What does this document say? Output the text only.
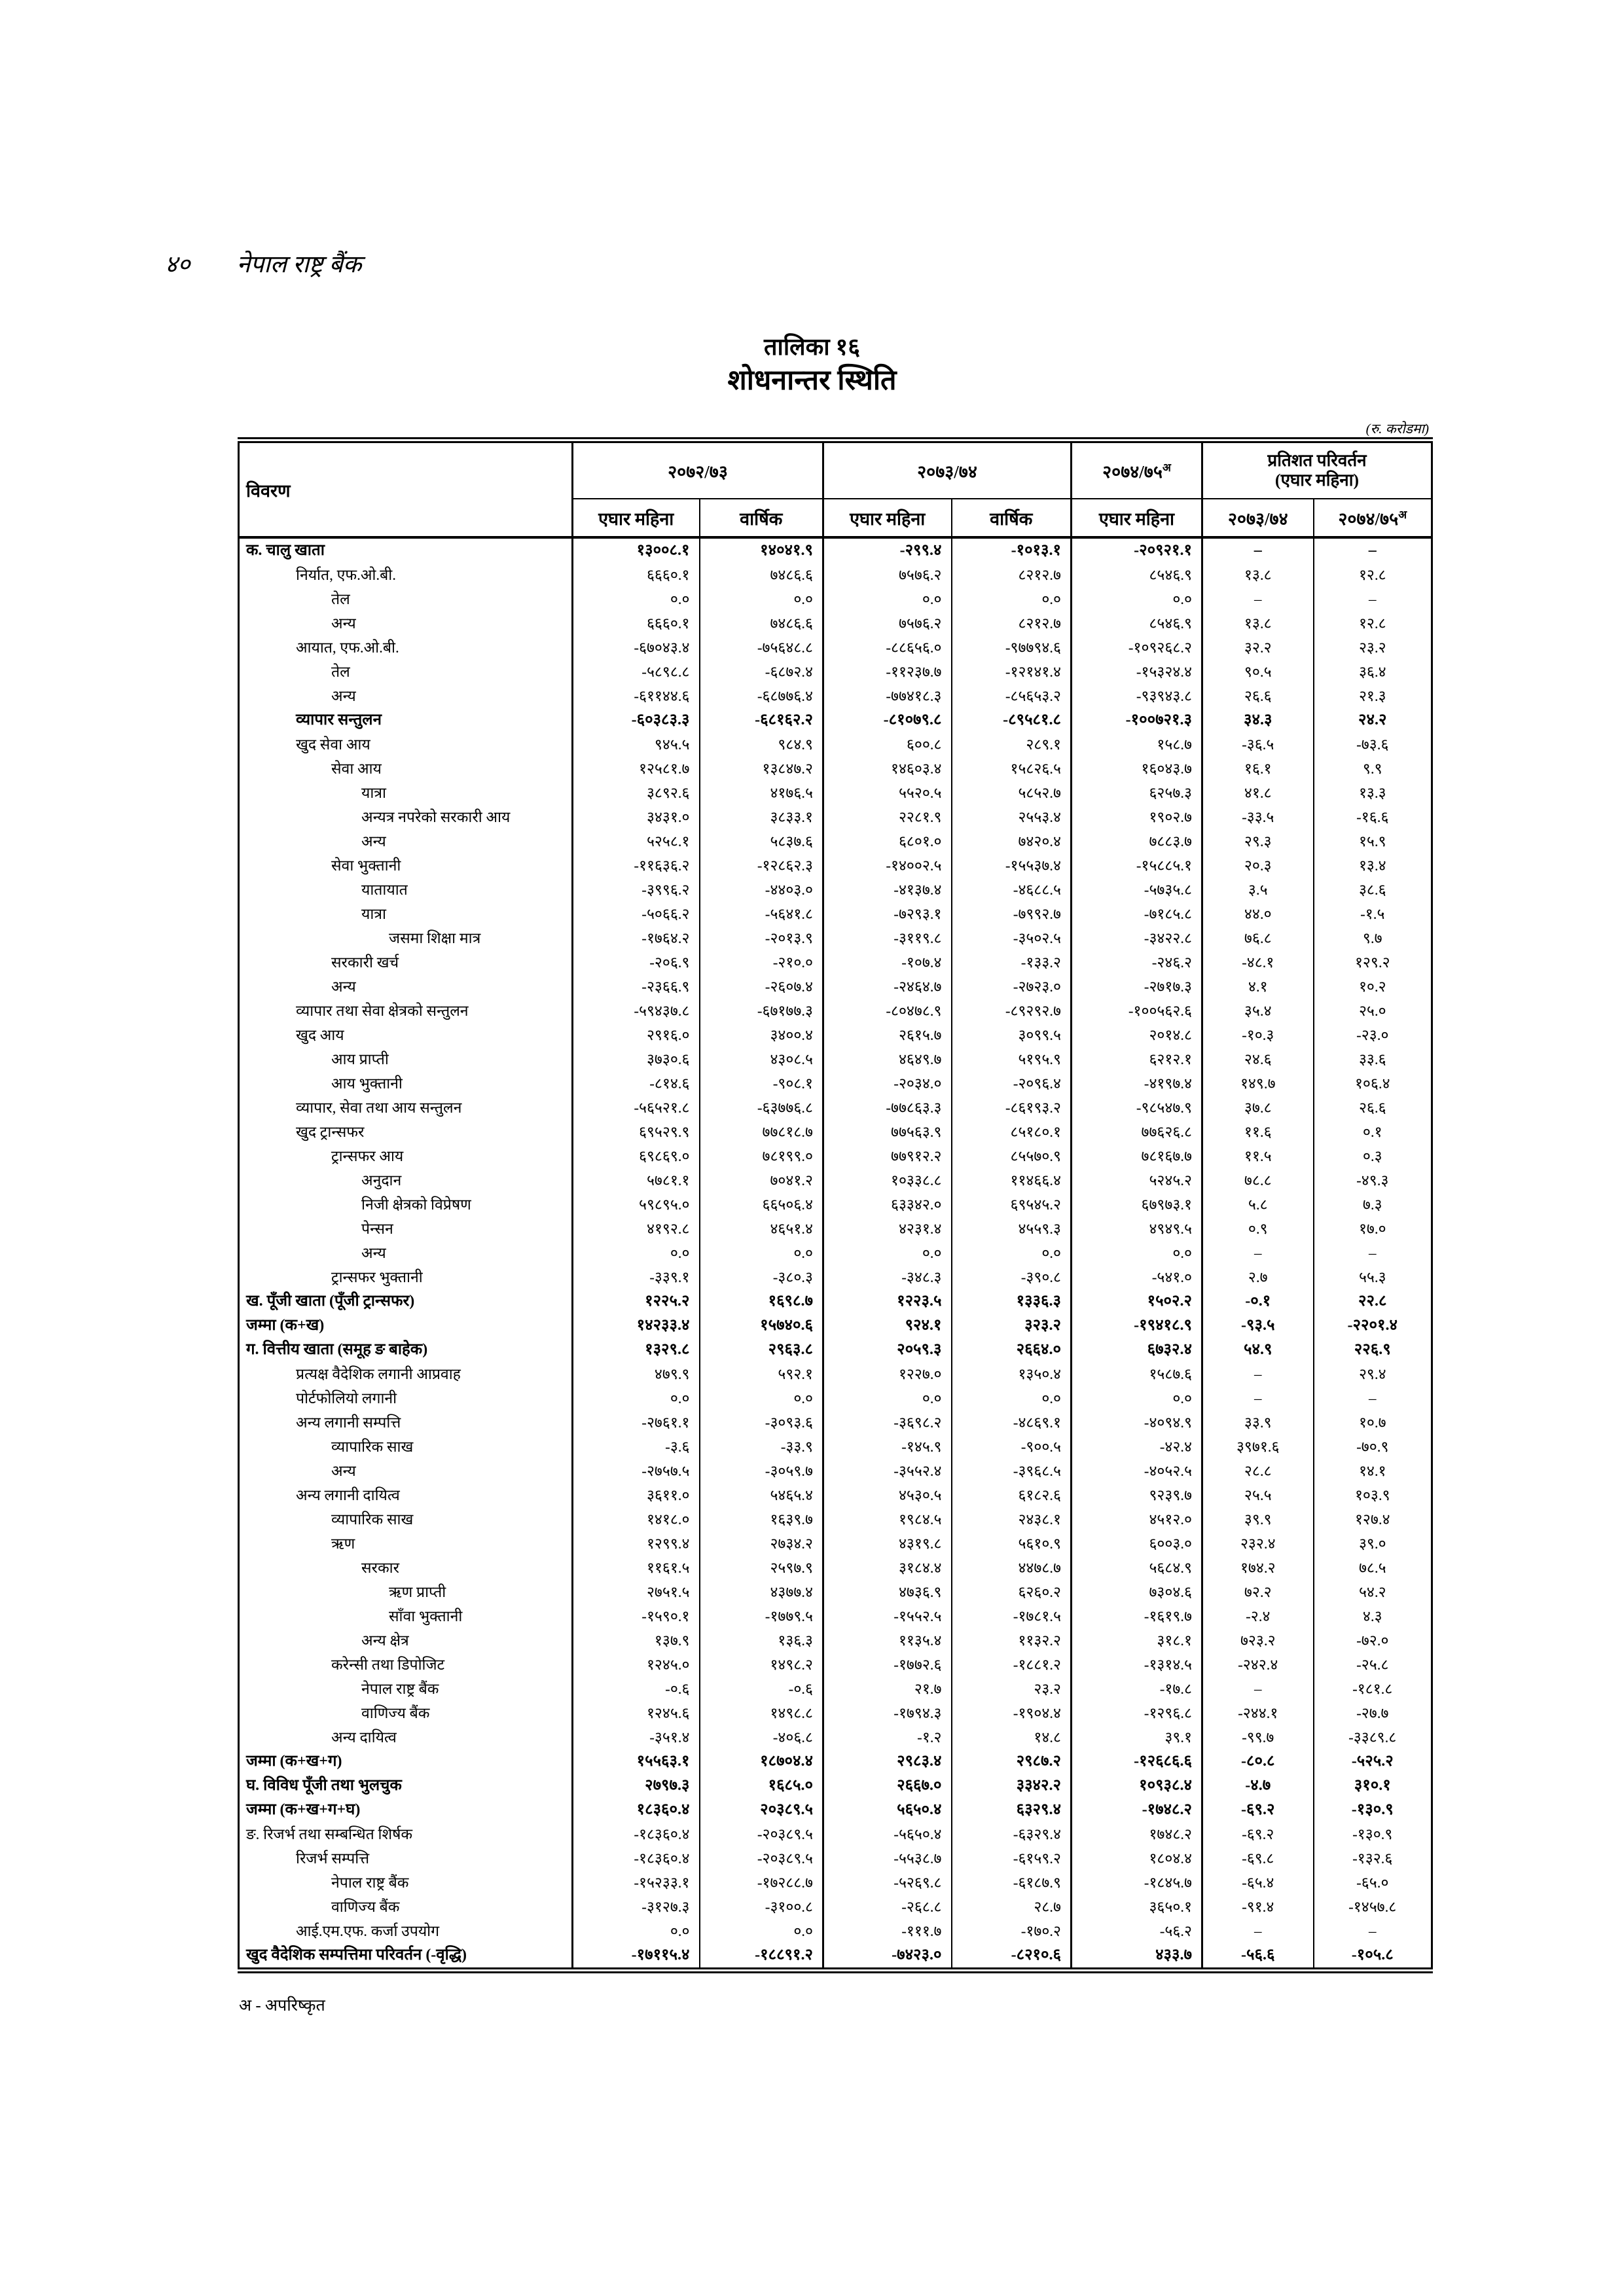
४० नेपाल राष्ट्र बैंक
तालिका १६
शोधनान्तर स्थिति
(रु. करोडमा)
विवरण	२०७२/७३		२०७३/७४		$२०७४/७५^अ$	प्रतिशत परिवर्तन
(एघार महिना)	

	एघार महिना	वार्षिक	एघार महिना	वार्षिक	एघार महिना	२०७३/७४	$२०७४/७५^अ$
क. चालु खाता	१३००८.१	१४०४१.९	-२९९.४	-१०१३.१	-२०९२१.१	–	–
निर्यात, एफ.ओ.बी.	६६६०.१	७४८६.६	७५७६.२	८२१२.७	८५४६.९	१३.८	१२.८
तेल	०.०	०.०	०.०	०.०	०.०	–	–
अन्य	६६६०.१	७४८६.६	७५७६.२	८२१२.७	८५४६.९	१३.८	१२.८
आयात, एफ.ओ.बी.	-६७०४३.४	-७५६४८.८	-८८६५६.०	-९७७९४.६	-१०९२६८.२	३२.२	२३.२
तेल	-५८९८.८	-६८७२.४	-११२३७.७	-१२१४१.४	-१५३२४.४	९०.५	३६.४
अन्य	-६११४४.६	-६८७७६.४	-७७४१८.३	-८५६५३.२	-९३९४३.८	२६.६	२१.३
व्यापार सन्तुलन	-६०३८३.३	-६८१६२.२	-८१०७९.८	-८९५८१.८	-१००७२१.३	३४.३	२४.२
खुद सेवा आय	९४५.५	९८४.९	६००.८	२८९.१	१५८.७	-३६.५	-७३.६
सेवा आय	१२५८१.७	१३८४७.२	१४६०३.४	१५८२६.५	१६०४३.७	१६.१	९.९
यात्रा	३८९२.६	४१७६.५	५५२०.५	५८५२.७	६२५७.३	४१.८	१३.३
अन्यत्र नपरेको सरकारी आय	३४३१.०	३८३३.१	२२८१.९	२५५३.४	१९०२.७	-३३.५	-१६.६
अन्य	५२५८.१	५८३७.६	६८०१.०	७४२०.४	७८८३.७	२९.३	१५.९
सेवा भुक्तानी	-११६३६.२	-१२८६२.३	-१४००२.५	-१५५३७.४	-१५८८५.१	२०.३	१३.४
यातायात	-३९९६.२	-४४०३.०	-४१३७.४	-४६८८.५	-५७३५.८	३.५	३८.६
यात्रा	-५०६६.२	-५६४१.८	-७२९३.१	-७९९२.७	-७१८५.८	४४.०	-१.५
जसमा शिक्षा मात्र	-१७६४.२	-२०१३.९	-३११९.८	-३५०२.५	-३४२२.८	७६.८	९.७
सरकारी खर्च	-२०६.९	-२१०.०	-१०७.४	-१३३.२	-२४६.२	-४८.१	१२९.२
अन्य	-२३६६.९	-२६०७.४	-२४६४.७	-२७२३.०	-२७१७.३	४.१	१०.२
व्यापार तथा सेवा क्षेत्रको सन्तुलन	-५९४३७.८	-६७१७७.३	-८०४७८.९	-८९२९२.७	-१००५६२.६	३५.४	२५.०
खुद आय	२९१६.०	३४००.४	२६१५.७	३०९९.५	२०१४.८	-१०.३	-२३.०
आय प्राप्ती	३७३०.६	४३०८.५	४६४९.७	५१९५.९	६२१२.१	२४.६	३३.६
आय भुक्तानी	-८१४.६	-९०८.१	-२०३४.०	-२०९६.४	-४१९७.४	१४९.७	१०६.४
व्यापार, सेवा तथा आय सन्तुलन	-५६५२१.८	-६३७७६.८	-७७८६३.३	-८६१९३.२	-९८५४७.९	३७.८	२६.६
खुद ट्रान्सफर	६९५२९.९	७७८१८.७	७७५६३.९	८५१८०.१	७७६२६.८	११.६	०.१
ट्रान्सफर आय	६९८६९.०	७८१९९.०	७७९१२.२	८५५७०.९	७८१६७.७	११.५	०.३
अनुदान	५७८१.१	७०४१.२	१०३३८.८	११४६६.४	५२४५.२	७८.८	-४९.३
निजी क्षेत्रको विप्रेषण	५९८९५.०	६६५०६.४	६३३४२.०	६९५४५.२	६७९७३.१	५.८	७.३
पेन्सन	४१९२.८	४६५१.४	४२३१.४	४५५९.३	४९४९.५	०.९	१७.०
अन्य	०.०	०.०	०.०	०.०	०.०	–	–
ट्रान्सफर भुक्तानी	-३३९.१	-३८०.३	-३४८.३	-३९०.८	-५४१.०	२.७	५५.३
ख. पूँजी खाता (पूँजी ट्रान्सफर)	१२२५.२	१६९८.७	१२२३.५	१३३६.३	१५०२.२	-०.१	२२.८
जम्मा (क+ख)	१४२३३.४	१५७४०.६	९२४.१	३२३.२	-१९४१८.९	-९३.५	-२२०१.४
ग. वित्तीय खाता (समूह ङ बाहेक)	१३२९.८	२९६३.८	२०५९.३	२६६४.०	६७३२.४	५४.९	२२६.९
प्रत्यक्ष वैदेशिक लगानी आप्रवाह	४७९.९	५९२.१	१२२७.०	१३५०.४	१५८७.६	–	२९.४
पोर्टफोलियो लगानी	०.०	०.०	०.०	०.०	०.०	–	–
अन्य लगानी सम्पत्ति	-२७६१.१	-३०९३.६	-३६९८.२	-४८६९.१	-४०९४.९	३३.९	१०.७
व्यापारिक साख	-३.६	-३३.९	-१४५.९	-९००.५	-४२.४	३९७१.६	-७०.९
अन्य	-२७५७.५	-३०५९.७	-३५५२.४	-३९६८.५	-४०५२.५	२८.८	१४.१
अन्य लगानी दायित्व	३६११.०	५४६५.४	४५३०.५	६१८२.६	९२३९.७	२५.५	१०३.९
व्यापारिक साख	१४१८.०	१६३९.७	१९८४.५	२४३८.१	४५१२.०	३९.९	१२७.४
ऋण	१२९९.४	२७३४.२	४३१९.८	५६१०.९	६००३.०	२३२.४	३९.०
सरकार	११६१.५	२५९७.९	३१८४.४	४४७८.७	५६८४.९	१७४.२	७८.५
ऋण प्राप्ती	२७५१.५	४३७७.४	४७३६.९	६२६०.२	७३०४.६	७२.२	५४.२
साँवा भुक्तानी	-१५९०.१	-१७७९.५	-१५५२.५	-१७८१.५	-१६१९.७	-२.४	४.३
अन्य क्षेत्र	१३७.९	१३६.३	११३५.४	११३२.२	३१८.१	७२३.२	-७२.०
करेन्सी तथा डिपोजिट	१२४५.०	१४९८.२	-१७७२.६	-१८८१.२	-१३१४.५	-२४२.४	-२५.८
नेपाल राष्ट्र बैंक	-०.६	-०.६	२१.७	२३.२	-१७.८	–	-१८१.८
वाणिज्य बैंक	१२४५.६	१४९८.८	-१७९४.३	-१९०४.४	-१२९६.८	-२४४.१	-२७.७
अन्य दायित्व	-३५१.४	-४०६.८	-१.२	१४.८	३९.१	-९९.७	-३३८९.८
जम्मा (क+ख+ग)	१५५६३.१	१८७०४.४	२९८३.४	२९८७.२	-१२६८६.६	-८०.८	-५२५.२
घ. विविध पूँजी तथा भुलचुक	२७९७.३	१६८५.०	२६६७.०	३३४२.२	१०९३८.४	-४.७	३१०.१
जम्मा (क+ख+ग+घ)	१८३६०.४	२०३८९.५	५६५०.४	६३२९.४	-१७४८.२	-६९.२	-१३०.९
ङ. रिजर्भ तथा सम्बन्धित शिर्षक	-१८३६०.४	-२०३८९.५	-५६५०.४	-६३२९.४	१७४८.२	-६९.२	-१३०.९
रिजर्भ सम्पत्ति	-१८३६०.४	-२०३८९.५	-५५३८.७	-६१५९.२	१८०४.४	-६९.८	-१३२.६
नेपाल राष्ट्र बैंक	-१५२३३.१	-१७२८८.७	-५२६९.८	-६१८७.९	-१८४५.७	-६५.४	-६५.०
वाणिज्य बैंक	-३१२७.३	-३१००.८	-२६८.८	२८.७	३६५०.१	-९१.४	-१४५७.८
आई.एम.एफ. कर्जा उपयोग	०.०	०.०	-१११.७	-१७०.२	-५६.२	–	–
खुद वैदेशिक सम्पत्तिमा परिवर्तन (-वृद्धि)	-१७११५.४	-१८८९१.२	-७४२३.०	-८२१०.६	४३३.७	-५६.६	-१०५.८
अ - अपरिष्कृत
